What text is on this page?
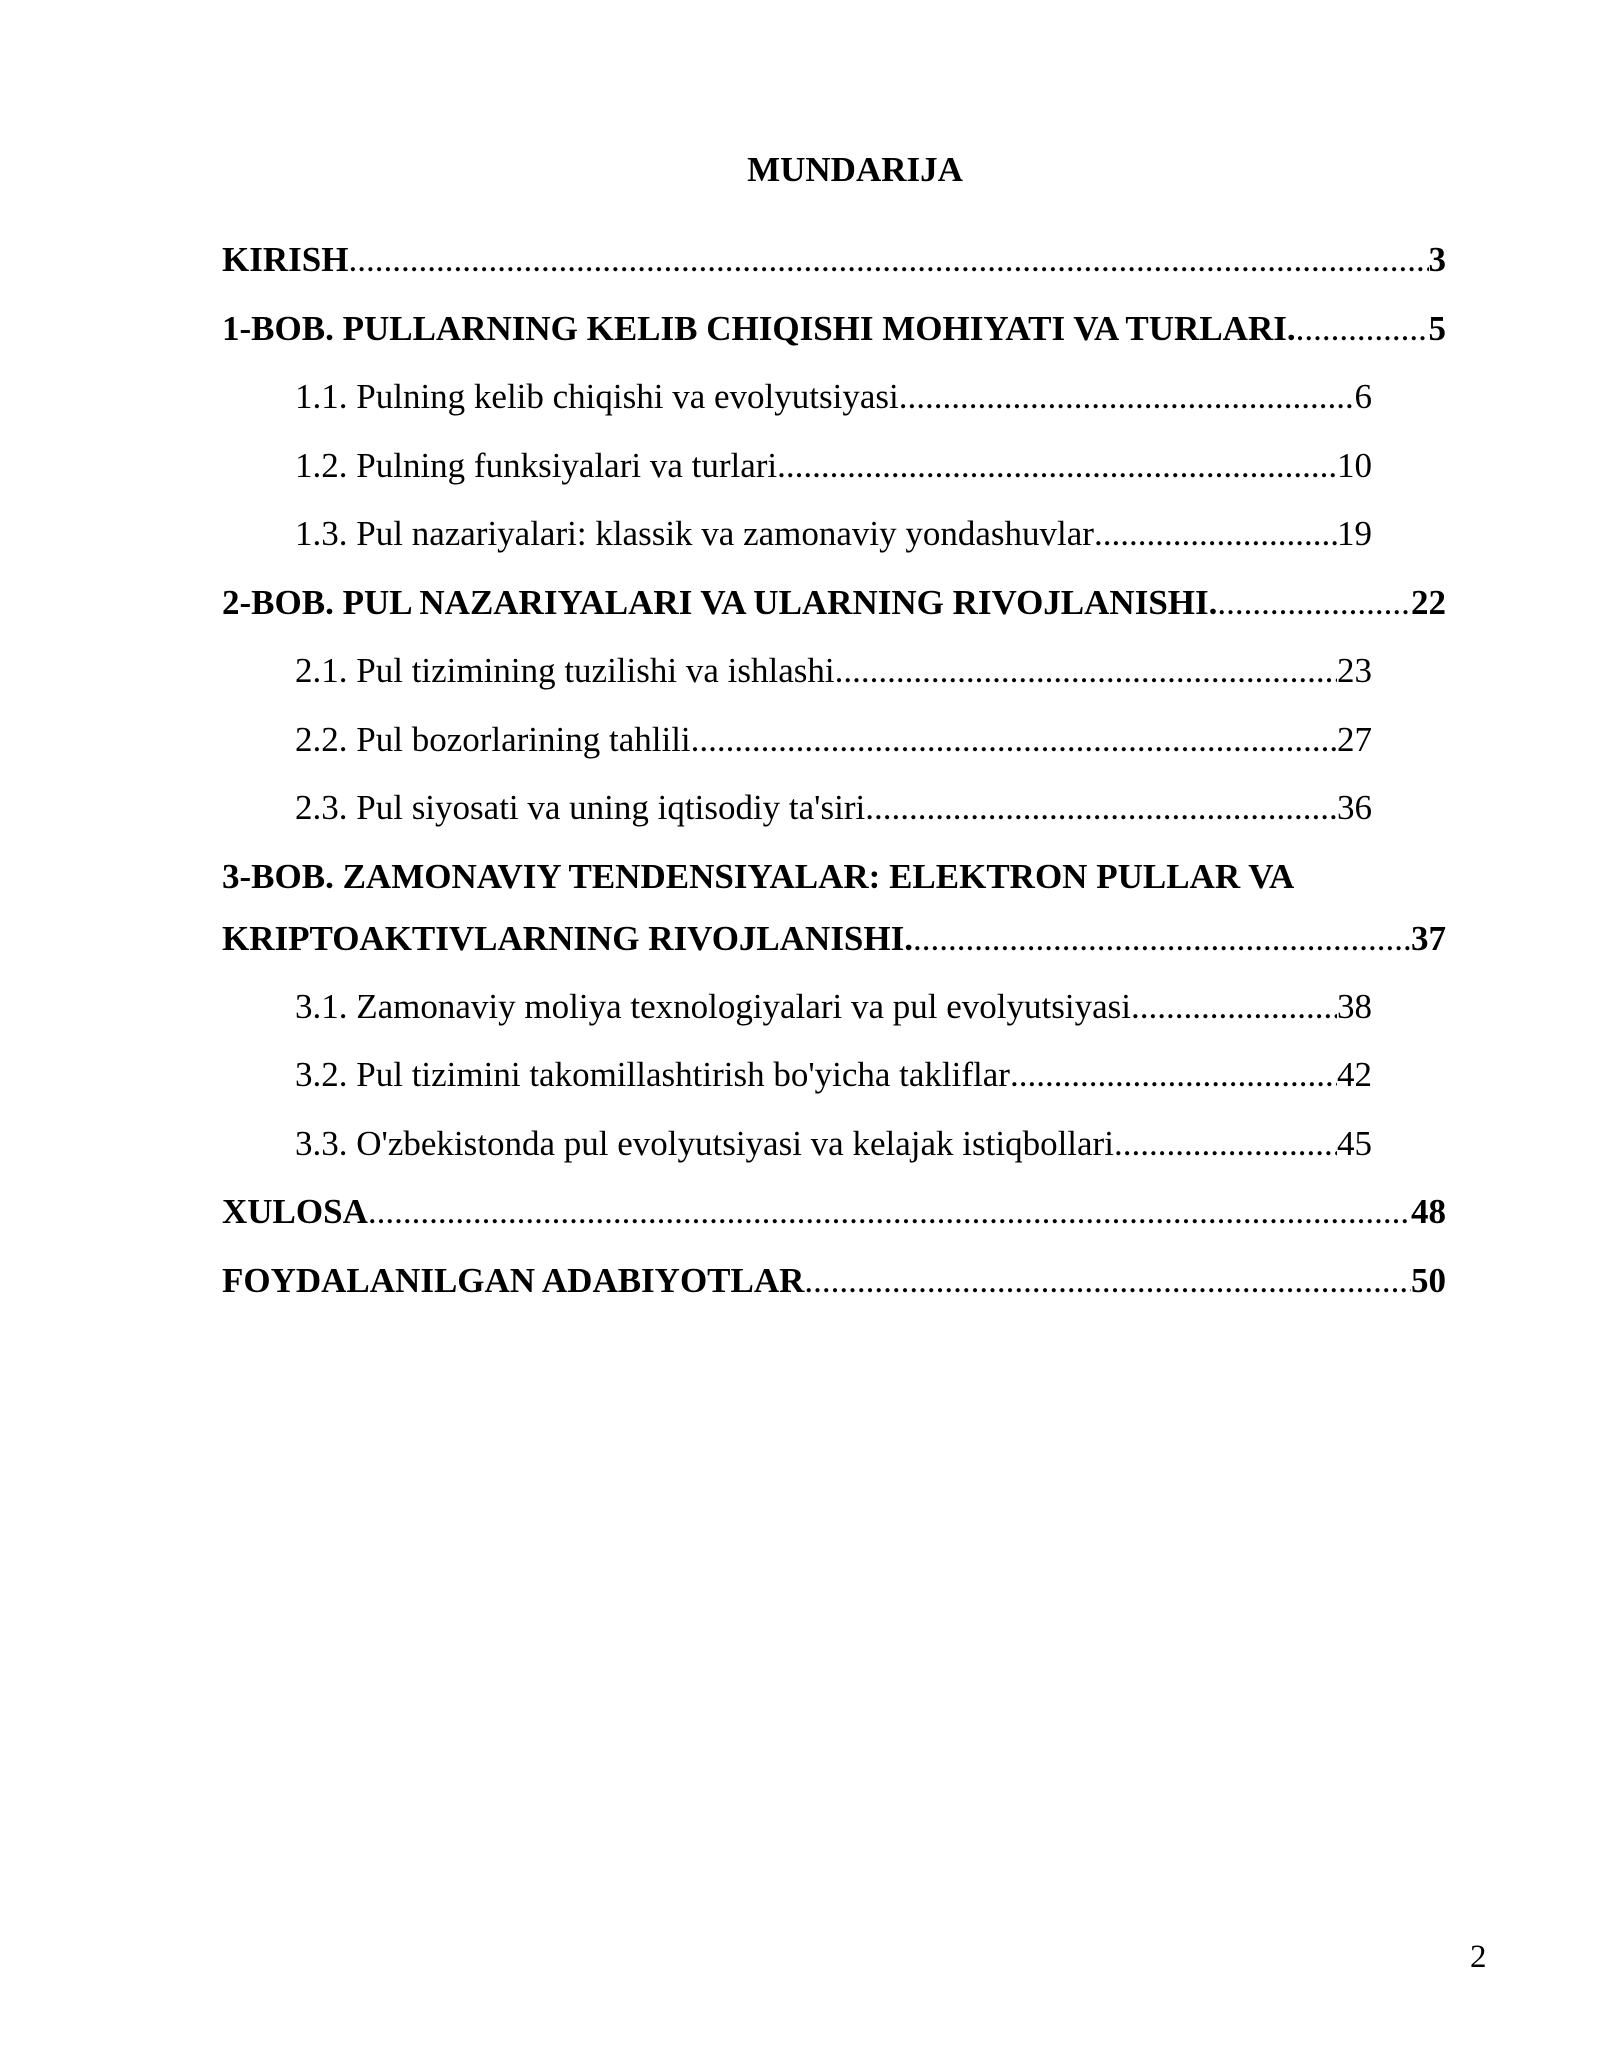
MUNDARIJA
KIRISH .....	3
1-BOB. PULLARNING KELIB CHIQISHI MOHIYATI VA TURLARI. .....	5
1.1. Pulning kelib chiqishi va evolyutsiyasi .....	6
1.2. Pulning funksiyalari va turlari .....	10
1.3. Pul nazariyalari: klassik va zamonaviy yondashuvlar .....	19
2-BOB. PUL NAZARIYALARI VA ULARNING RIVOJLANISHI. .....	22
2.1. Pul tizimining tuzilishi va ishlashi .....	23
2.2. Pul bozorlarining tahlili .....	27
2.3. Pul siyosati va uning iqtisodiy ta'siri .....	36
3-BOB. ZAMONAVIY TENDENSIYALAR: ELEKTRON PULLAR VA
KRIPTOAKTIVLARNING RIVOJLANISHI. .....	37
3.1. Zamonaviy moliya texnologiyalari va pul evolyutsiyasi .....	38
3.2. Pul tizimini takomillashtirish bo'yicha takliflar .....	42
3.3. O'zbekistonda pul evolyutsiyasi va kelajak istiqbollari .....	45
XULOSA .....	48
FOYDALANILGAN ADABIYOTLAR .....	50
2
